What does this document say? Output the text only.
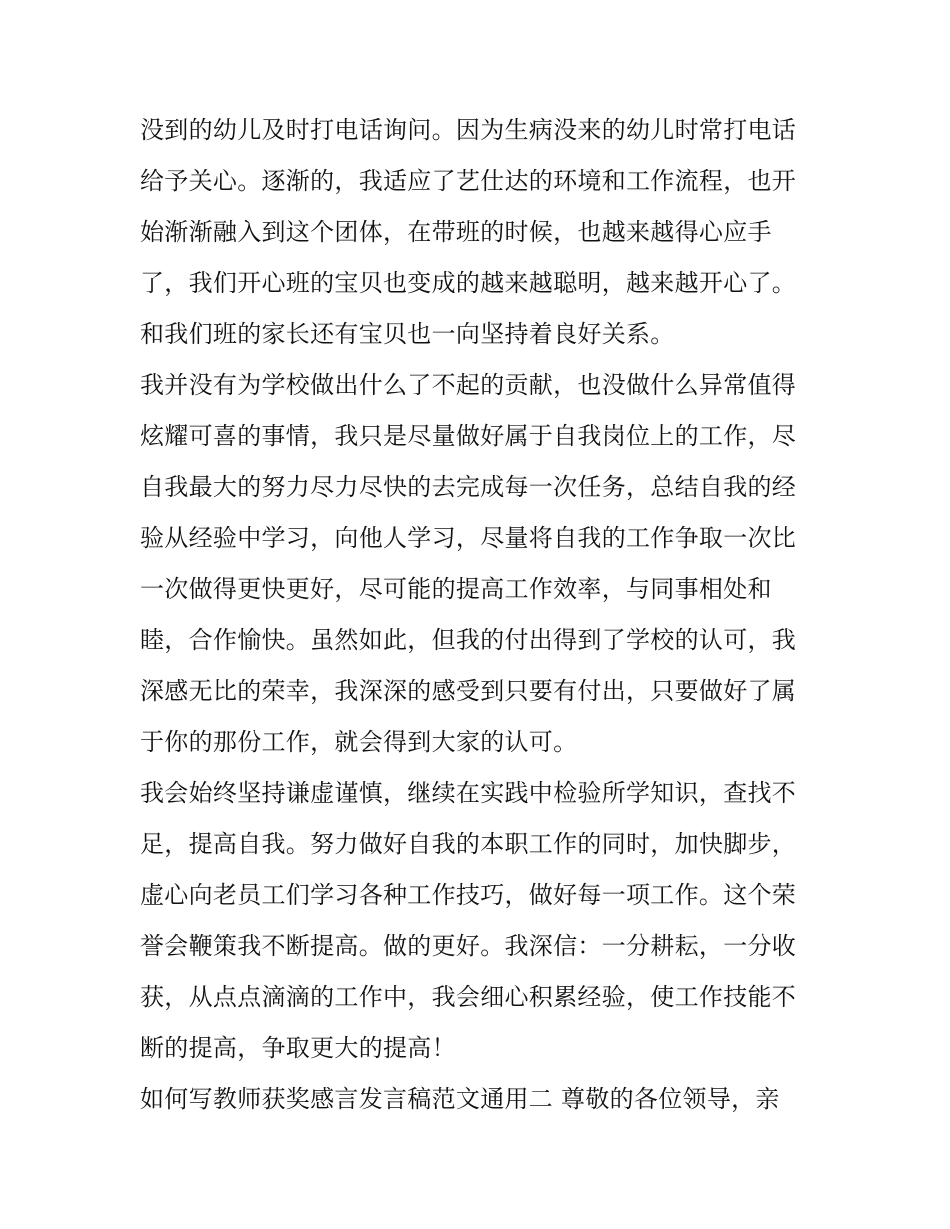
没到的幼儿及时打电话询问。因为生病没来的幼儿时常打电话
给予关心。逐渐的，我适应了艺仕达的环境和工作流程，也开
始渐渐融入到这个团体，在带班的时候，也越来越得心应手
了，我们开心班的宝贝也变成的越来越聪明，越来越开心了。
和我们班的家长还有宝贝也一向坚持着良好关系。
我并没有为学校做出什么了不起的贡献，也没做什么异常值得
炫耀可喜的事情，我只是尽量做好属于自我岗位上的工作，尽
自我最大的努力尽力尽快的去完成每一次任务，总结自我的经
验从经验中学习，向他人学习，尽量将自我的工作争取一次比
一次做得更快更好，尽可能的提高工作效率，与同事相处和
睦，合作愉快。虽然如此，但我的付出得到了学校的认可，我
深感无比的荣幸，我深深的感受到只要有付出，只要做好了属
于你的那份工作，就会得到大家的认可。
我会始终坚持谦虚谨慎，继续在实践中检验所学知识，查找不
足，提高自我。努力做好自我的本职工作的同时，加快脚步，
虚心向老员工们学习各种工作技巧，做好每一项工作。这个荣
誉会鞭策我不断提高。做的更好。我深信：一分耕耘，一分收
获，从点点滴滴的工作中，我会细心积累经验，使工作技能不
断的提高，争取更大的提高！
如何写教师获奖感言发言稿范文通用二 尊敬的各位领导，亲
